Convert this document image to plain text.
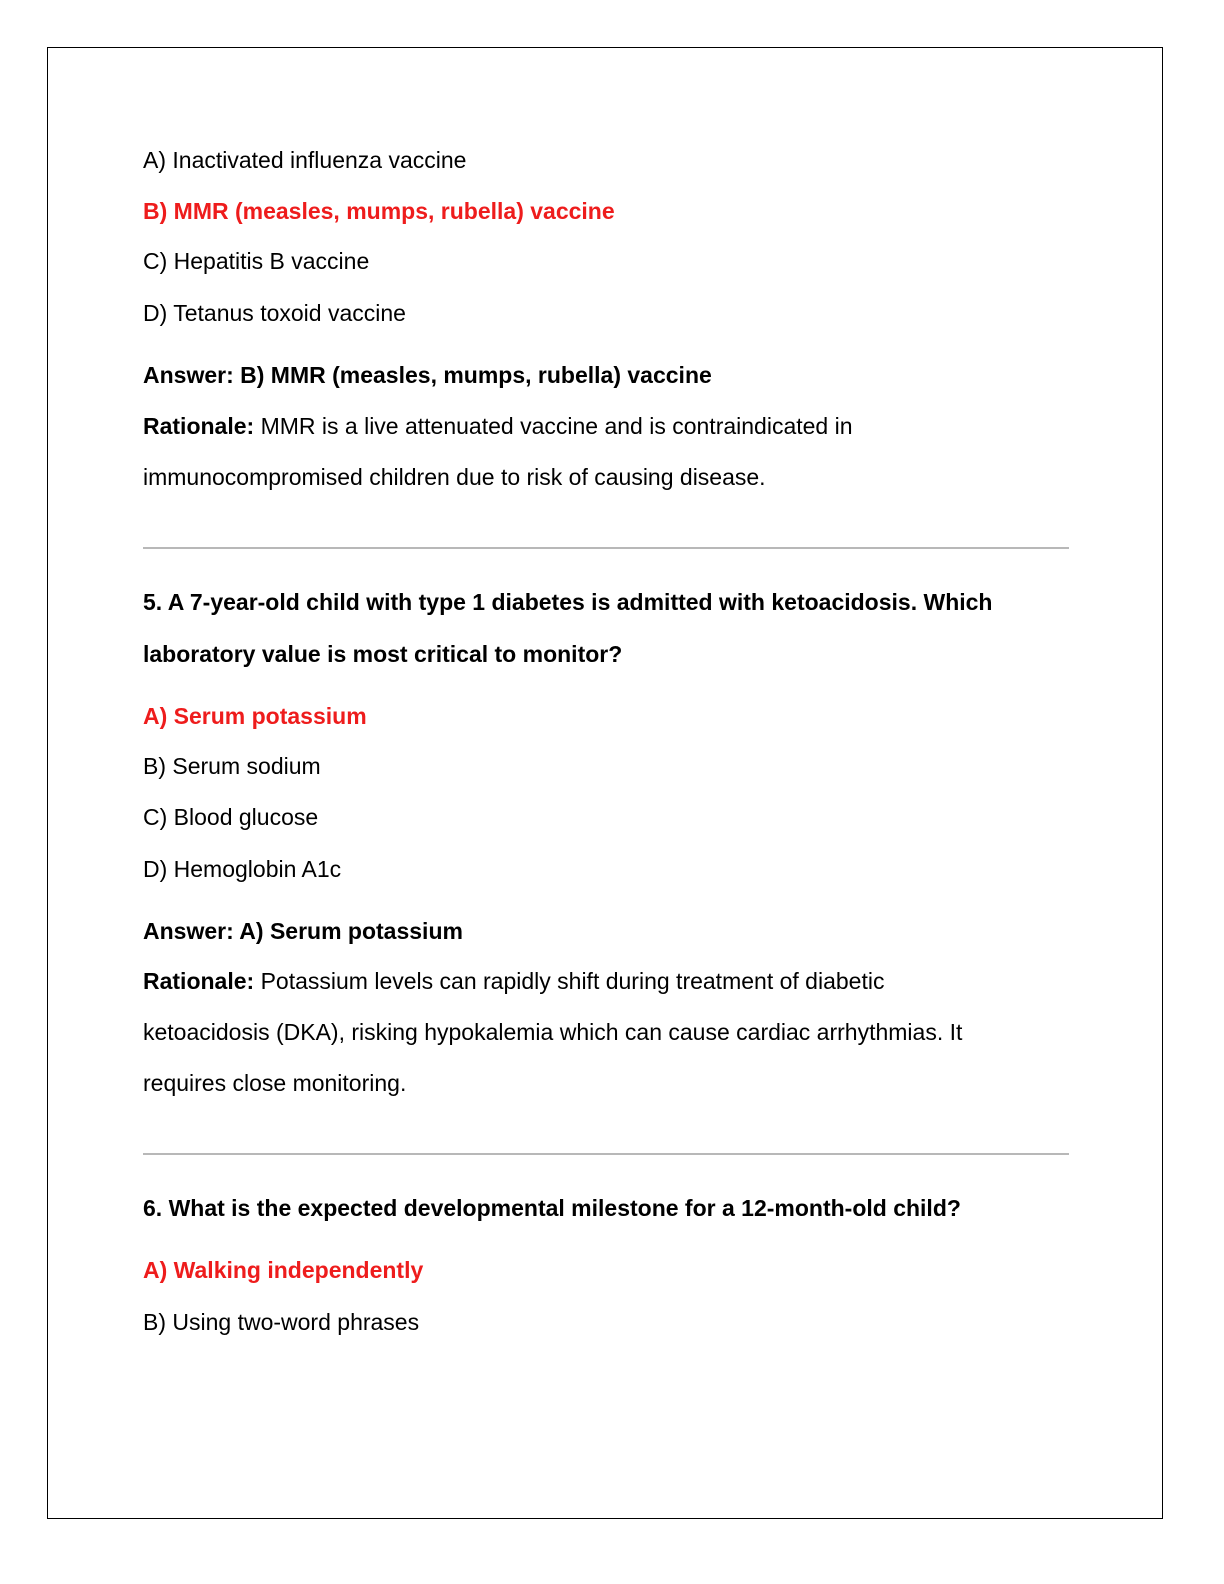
A) Inactivated influenza vaccine
B) MMR (measles, mumps, rubella) vaccine
C) Hepatitis B vaccine
D) Tetanus toxoid vaccine
Answer: B) MMR (measles, mumps, rubella) vaccine
Rationale: MMR is a live attenuated vaccine and is contraindicated in
immunocompromised children due to risk of causing disease.
5. A 7-year-old child with type 1 diabetes is admitted with ketoacidosis. Which
laboratory value is most critical to monitor?
A) Serum potassium
B) Serum sodium
C) Blood glucose
D) Hemoglobin A1c
Answer: A) Serum potassium
Rationale: Potassium levels can rapidly shift during treatment of diabetic
ketoacidosis (DKA), risking hypokalemia which can cause cardiac arrhythmias. It
requires close monitoring.
6. What is the expected developmental milestone for a 12-month-old child?
A) Walking independently
B) Using two-word phrases
